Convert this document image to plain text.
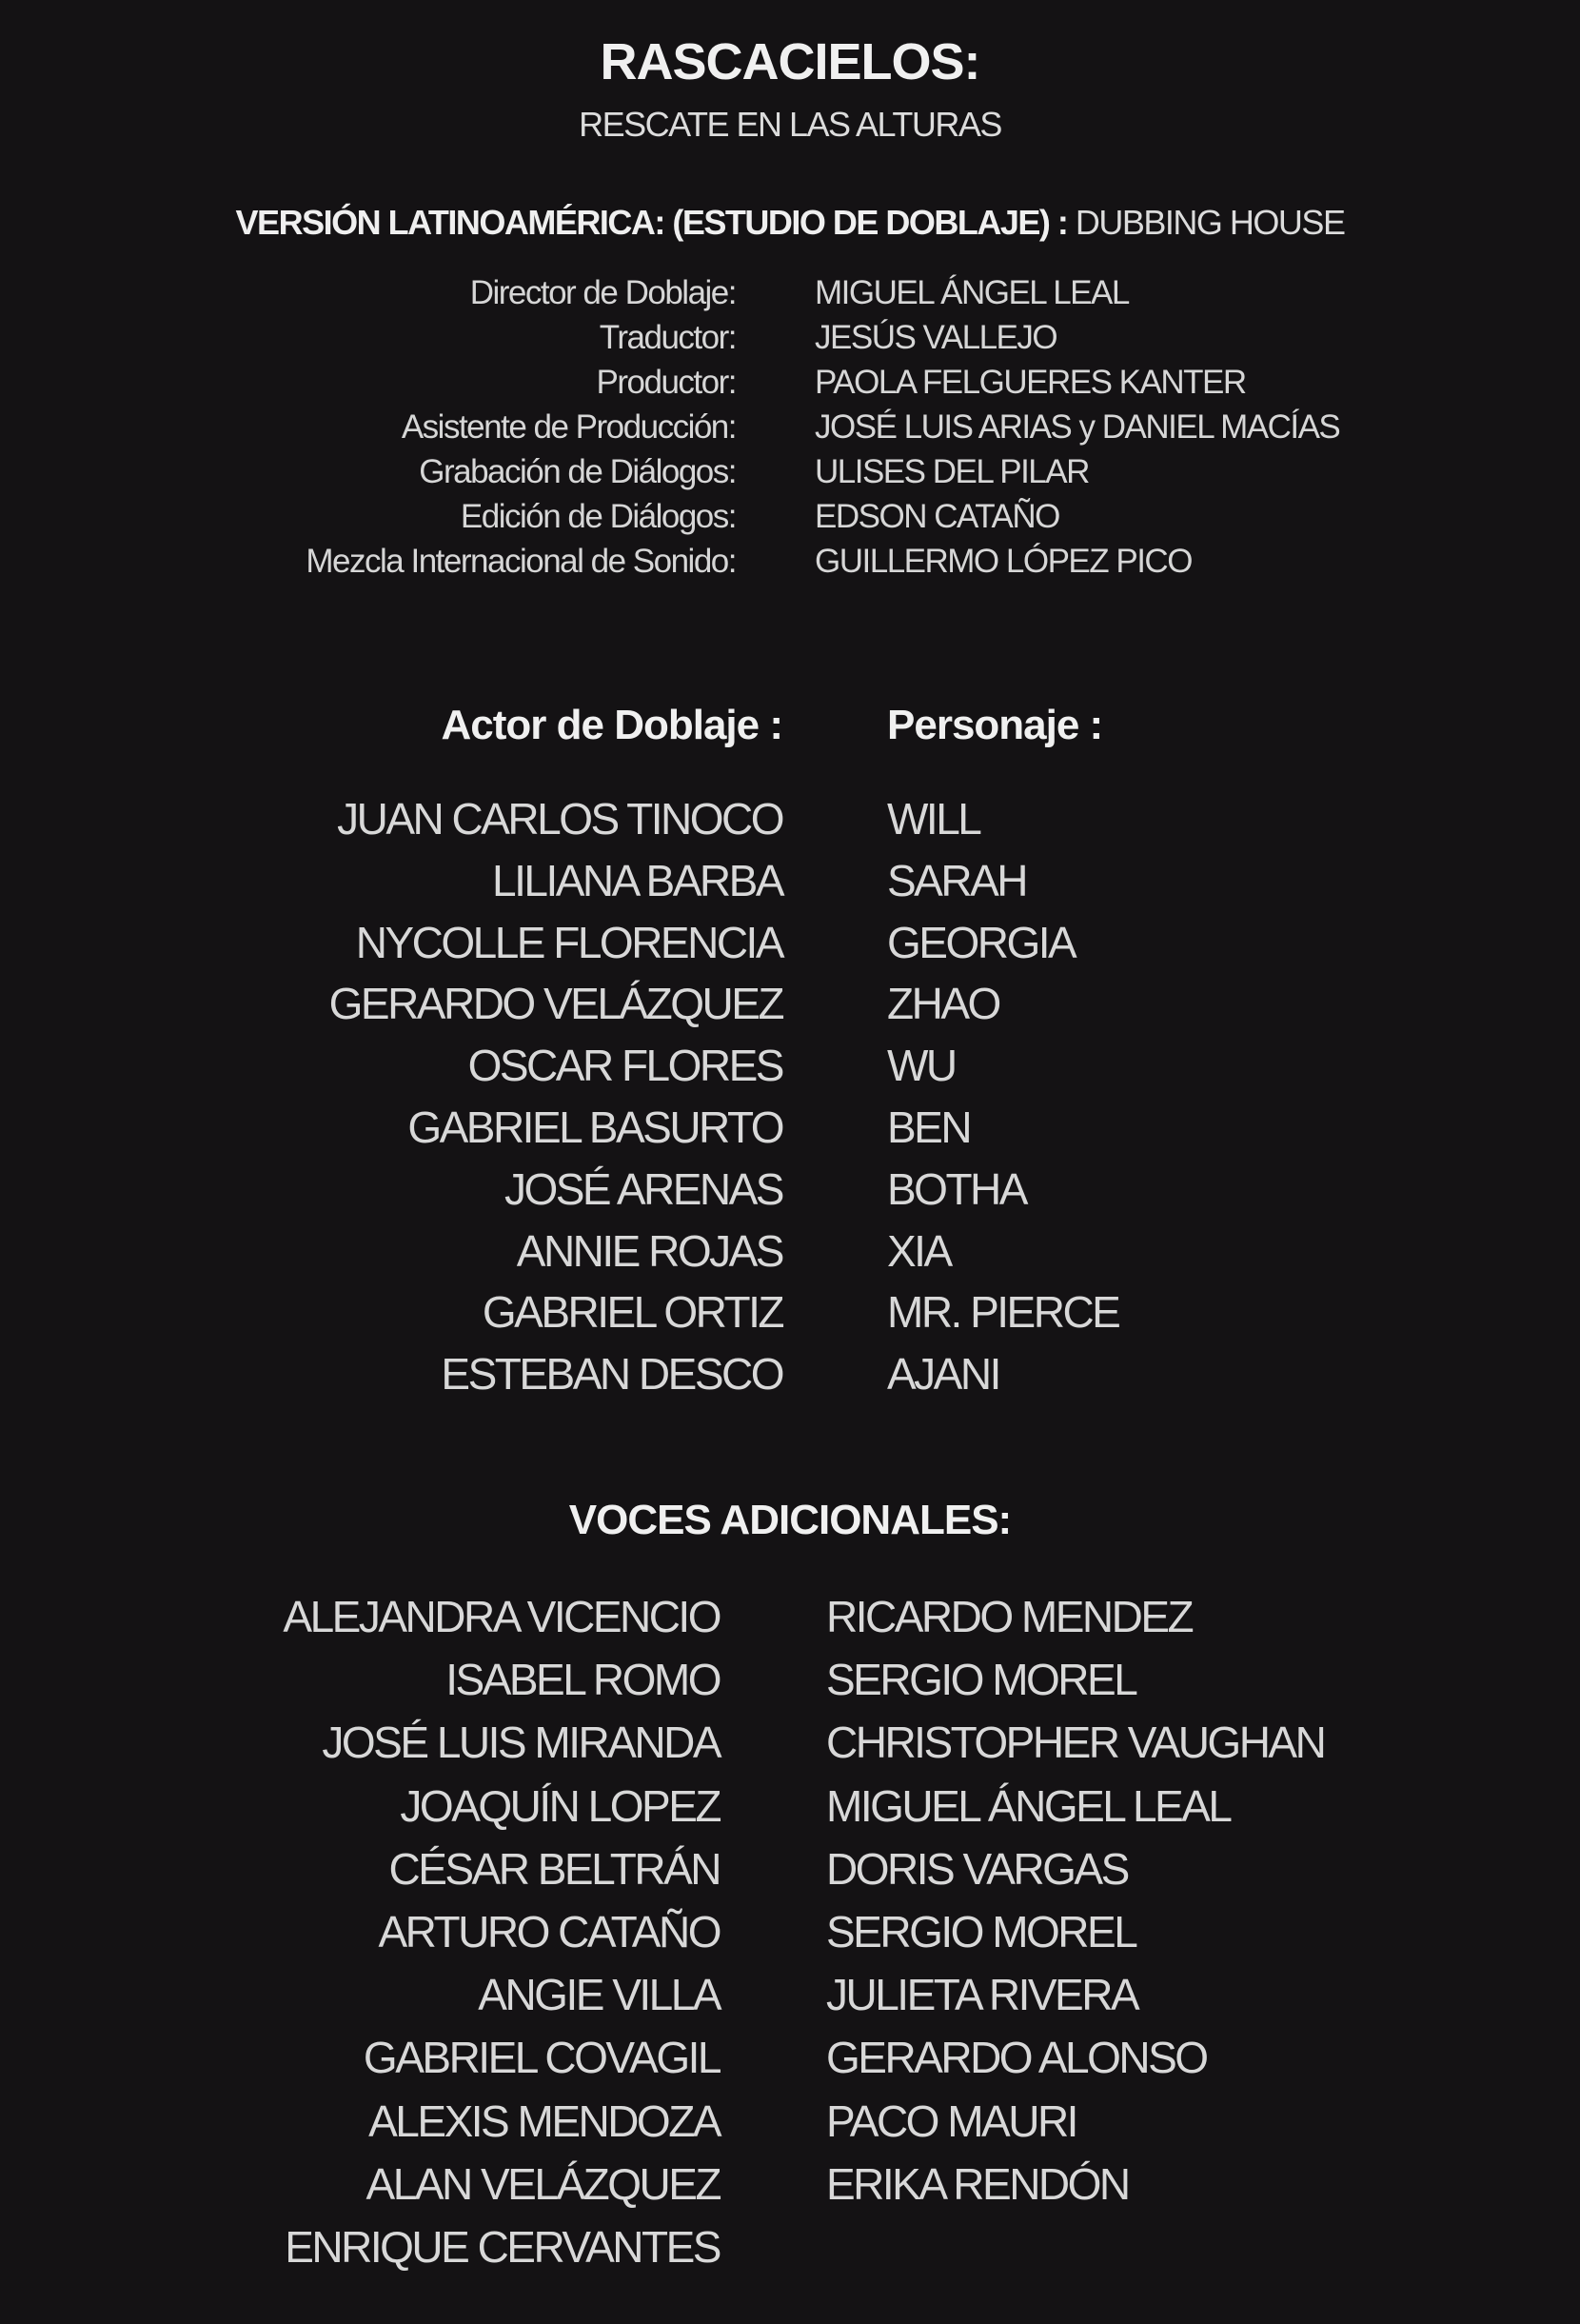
RASCACIELOS:
RESCATE EN LAS ALTURAS
VERSIÓN LATINOAMÉRICA: (ESTUDIO DE DOBLAJE) : DUBBING HOUSE
Director de Doblaje: MIGUEL ÁNGEL LEAL
Traductor: JESÚS VALLEJO
Productor: PAOLA FELGUERES KANTER
Asistente de Producción: JOSÉ LUIS ARIAS y DANIEL MACÍAS
Grabación de Diálogos: ULISES DEL PILAR
Edición de Diálogos: EDSON CATAÑO
Mezcla Internacional de Sonido: GUILLERMO LÓPEZ PICO
Actor de Doblaje :	Personaje :
JUAN CARLOS TINOCO WILL
LILIANA BARBA SARAH
NYCOLLE FLORENCIA GEORGIA
GERARDO VELÁZQUEZ ZHAO
OSCAR FLORES WU
GABRIEL BASURTO BEN
JOSÉ ARENAS BOTHA
ANNIE ROJAS XIA
GABRIEL ORTIZ MR. PIERCE
ESTEBAN DESCO AJANI
VOCES ADICIONALES:
ALEJANDRA VICENCIO RICARDO MENDEZ
ISABEL ROMO SERGIO MOREL
JOSÉ LUIS MIRANDA CHRISTOPHER VAUGHAN
JOAQUÍN LOPEZ MIGUEL ÁNGEL LEAL
CÉSAR BELTRÁN DORIS VARGAS
ARTURO CATAÑO SERGIO MOREL
ANGIE VILLA JULIETA RIVERA
GABRIEL COVAGIL GERARDO ALONSO
ALEXIS MENDOZA PACO MAURI
ALAN VELÁZQUEZ ERIKA RENDÓN
ENRIQUE CERVANTES
